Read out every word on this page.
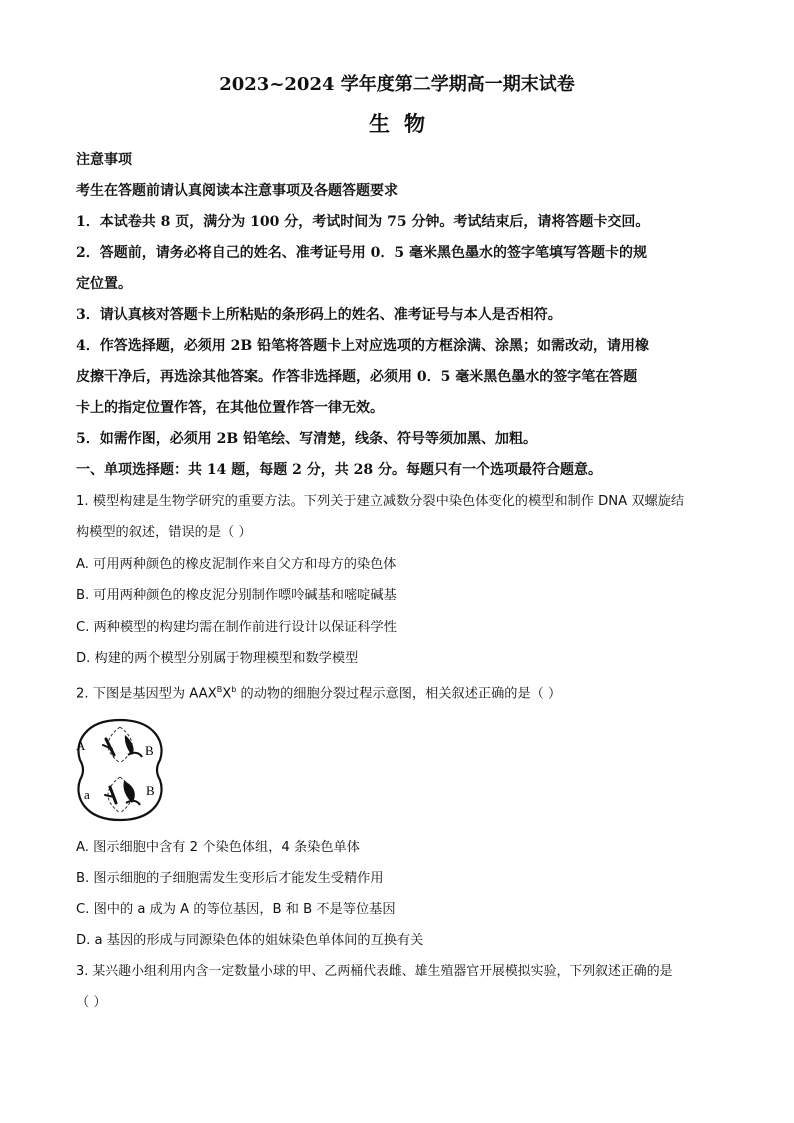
2023~2024 学年度第二学期高一期末试卷
生物
注意事项
考生在答题前请认真阅读本注意事项及各题答题要求
1．本试卷共 8 页，满分为 100 分，考试时间为 75 分钟。考试结束后，请将答题卡交回。
2．答题前，请务必将自己的姓名、准考证号用 0．5 毫米黑色墨水的签字笔填写答题卡的规
定位置。
3．请认真核对答题卡上所粘贴的条形码上的姓名、准考证号与本人是否相符。
4．作答选择题，必须用 2B 铅笔将答题卡上对应选项的方框涂满、涂黑；如需改动，请用橡
皮擦干净后，再选涂其他答案。作答非选择题，必须用 0．5 毫米黑色墨水的签字笔在答题
卡上的指定位置作答，在其他位置作答一律无效。
5．如需作图，必须用 2B 铅笔绘、写清楚，线条、符号等须加黑、加粗。
一、单项选择题：共 14 题，每题 2 分，共 28 分。每题只有一个选项最符合题意。
1. 模型构建是生物学研究的重要方法。下列关于建立减数分裂中染色体变化的模型和制作 DNA 双螺旋结
构模型的叙述，错误的是（ ）
A. 可用两种颜色的橡皮泥制作来自父方和母方的染色体
B. 可用两种颜色的橡皮泥分别制作嘌呤碱基和嘧啶碱基
C. 两种模型的构建均需在制作前进行设计以保证科学性
D. 构建的两个模型分别属于物理模型和数学模型
2. 下图是基因型为 $AAX^BX^b$ 的动物的细胞分裂过程示意图，相关叙述正确的是（ ）
A	B
a	B
A. 图示细胞中含有 2 个染色体组，4 条染色单体
B. 图示细胞的子细胞需发生变形后才能发生受精作用
C. 图中的 a 成为 A 的等位基因，B 和 B 不是等位基因
D. a 基因的形成与同源染色体的姐妹染色单体间的互换有关
3. 某兴趣小组利用内含一定数量小球的甲、乙两桶代表雌、雄生殖器官开展模拟实验，下列叙述正确的是
（ ）
